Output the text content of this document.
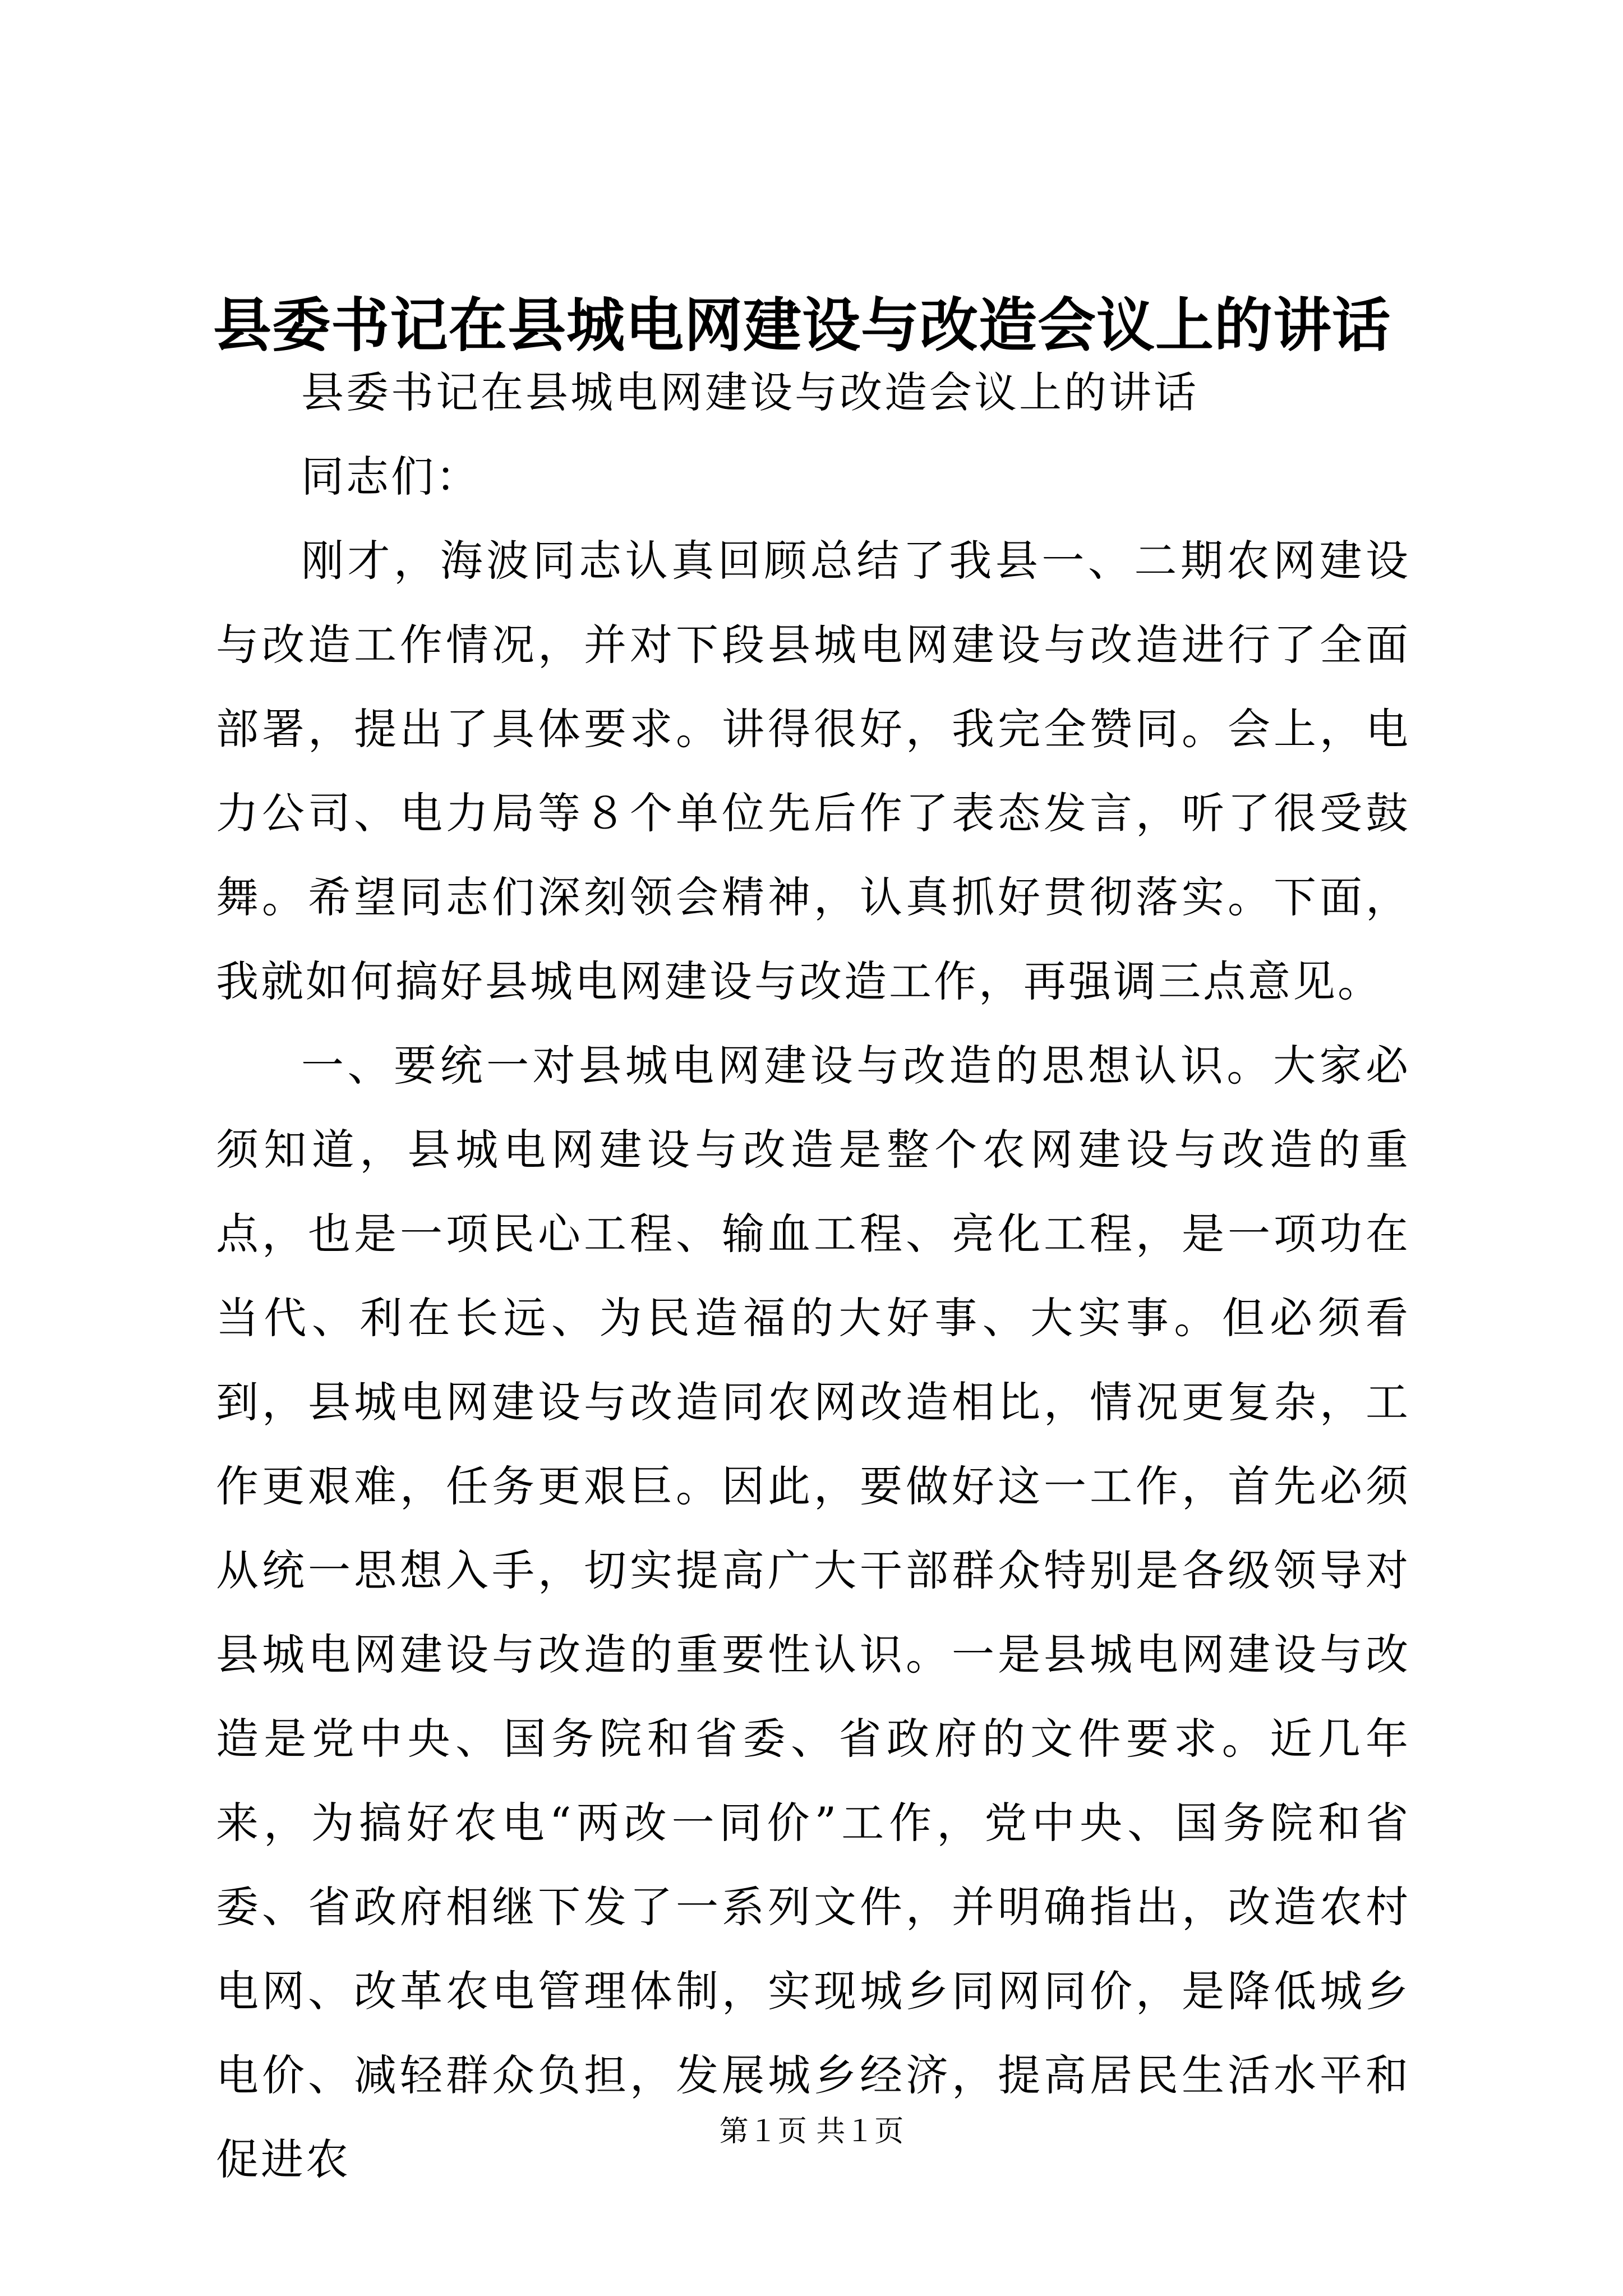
县委书记在县城电网建设与改造会议上的讲话

县委书记在县城电网建设与改造会议上的讲话

同志们：

刚才，海波同志认真回顾总结了我县一、二期农网建设与改造工作情况，并对下段县城电网建设与改造进行了全面部署，提出了具体要求。讲得很好，我完全赞同。会上，电力公司、电力局等８个单位先后作了表态发言，听了很受鼓舞。希望同志们深刻领会精神，认真抓好贯彻落实。下面，我就如何搞好县城电网建设与改造工作，再强调三点意见。

一、要统一对县城电网建设与改造的思想认识。大家必须知道，县城电网建设与改造是整个农网建设与改造的重点，也是一项民心工程、输血工程、亮化工程，是一项功在当代、利在长远、为民造福的大好事、大实事。但必须看到，县城电网建设与改造同农网改造相比，情况更复杂，工作更艰难，任务更艰巨。因此，要做好这一工作，首先必须从统一思想入手，切实提高广大干部群众特别是各级领导对县城电网建设与改造的重要性认识。一是县城电网建设与改造是党中央、国务院和省委、省政府的文件要求。近几年来，为搞好农电“两改一同价”工作，党中央、国务院和省委、省政府相继下发了一系列文件，并明确指出，改造农村电网、改革农电管理体制，实现城乡同网同价，是降低城乡电价、减轻群众负担，发展城乡经济，提高居民生活水平和促进农

第１页 共１页
